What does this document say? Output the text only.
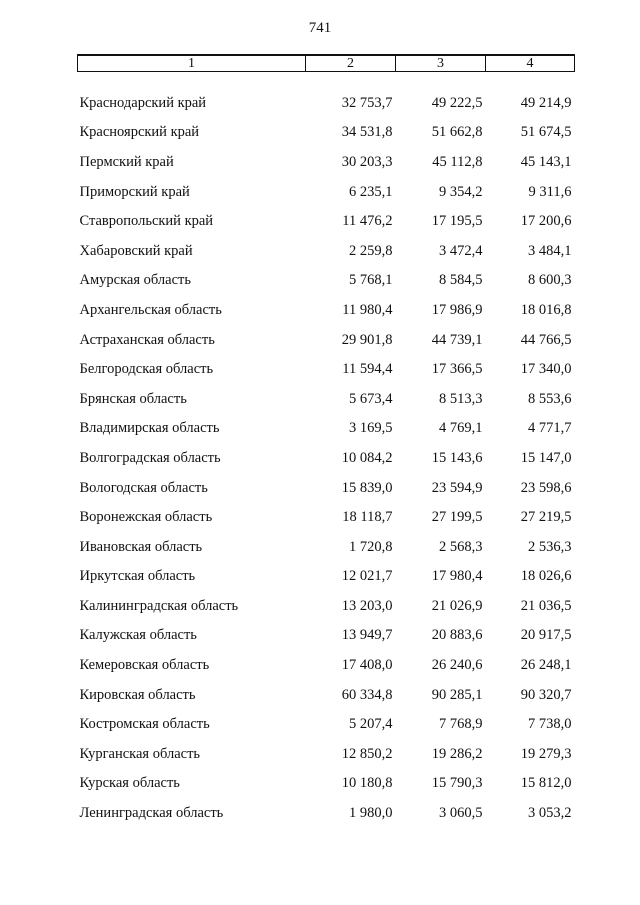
741
1	2	3	4
Краснодарский край	32 753,7	49 222,5	49 214,9
Красноярский край	34 531,8	51 662,8	51 674,5
Пермский край	30 203,3	45 112,8	45 143,1
Приморский край	6 235,1	9 354,2	9 311,6
Ставропольский край	11 476,2	17 195,5	17 200,6
Хабаровский край	2 259,8	3 472,4	3 484,1
Амурская область	5 768,1	8 584,5	8 600,3
Архангельская область	11 980,4	17 986,9	18 016,8
Астраханская область	29 901,8	44 739,1	44 766,5
Белгородская область	11 594,4	17 366,5	17 340,0
Брянская область	5 673,4	8 513,3	8 553,6
Владимирская область	3 169,5	4 769,1	4 771,7
Волгоградская область	10 084,2	15 143,6	15 147,0
Вологодская область	15 839,0	23 594,9	23 598,6
Воронежская область	18 118,7	27 199,5	27 219,5
Ивановская область	1 720,8	2 568,3	2 536,3
Иркутская область	12 021,7	17 980,4	18 026,6
Калининградская область	13 203,0	21 026,9	21 036,5
Калужская область	13 949,7	20 883,6	20 917,5
Кемеровская область	17 408,0	26 240,6	26 248,1
Кировская область	60 334,8	90 285,1	90 320,7
Костромская область	5 207,4	7 768,9	7 738,0
Курганская область	12 850,2	19 286,2	19 279,3
Курская область	10 180,8	15 790,3	15 812,0
Ленинградская область	1 980,0	3 060,5	3 053,2
